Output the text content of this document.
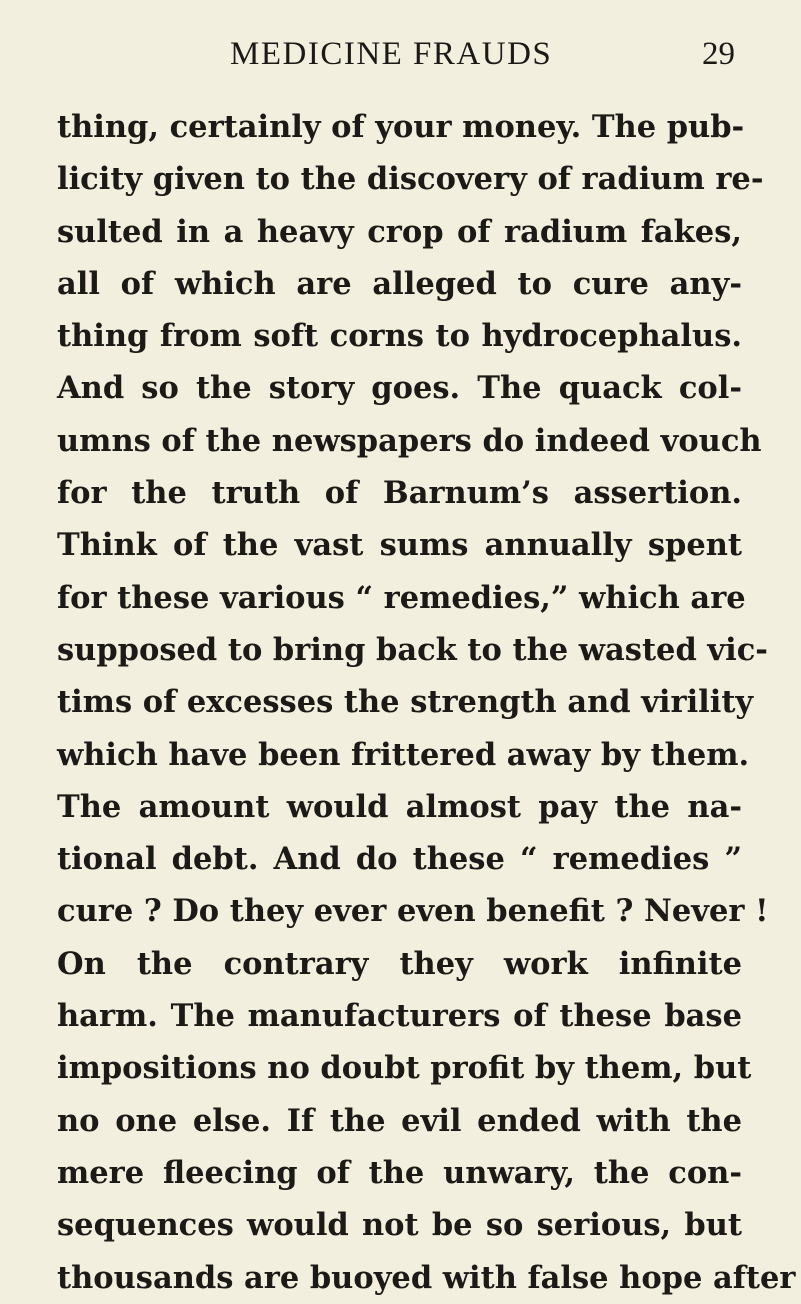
MEDICINE FRAUDS	29
thing, certainly of your money. The pub-
licity given to the discovery of radium re-
sulted in a heavy crop of radium fakes,
all of which are alleged to cure any-
thing from soft corns to hydrocephalus.
And so the story goes. The quack col-
umns of the newspapers do indeed vouch
for the truth of Barnum’s assertion.
Think of the vast sums annually spent
for these various “ remedies,” which are
supposed to bring back to the wasted vic-
tims of excesses the strength and virility
which have been frittered away by them.
The amount would almost pay the na-
tional debt. And do these “ remedies ”
cure ? Do they ever even benefit ? Never !
On the contrary they work infinite
harm. The manufacturers of these base
impositions no doubt profit by them, but
no one else. If the evil ended with the
mere fleecing of the unwary, the con-
sequences would not be so serious, but
thousands are buoyed with false hope after
